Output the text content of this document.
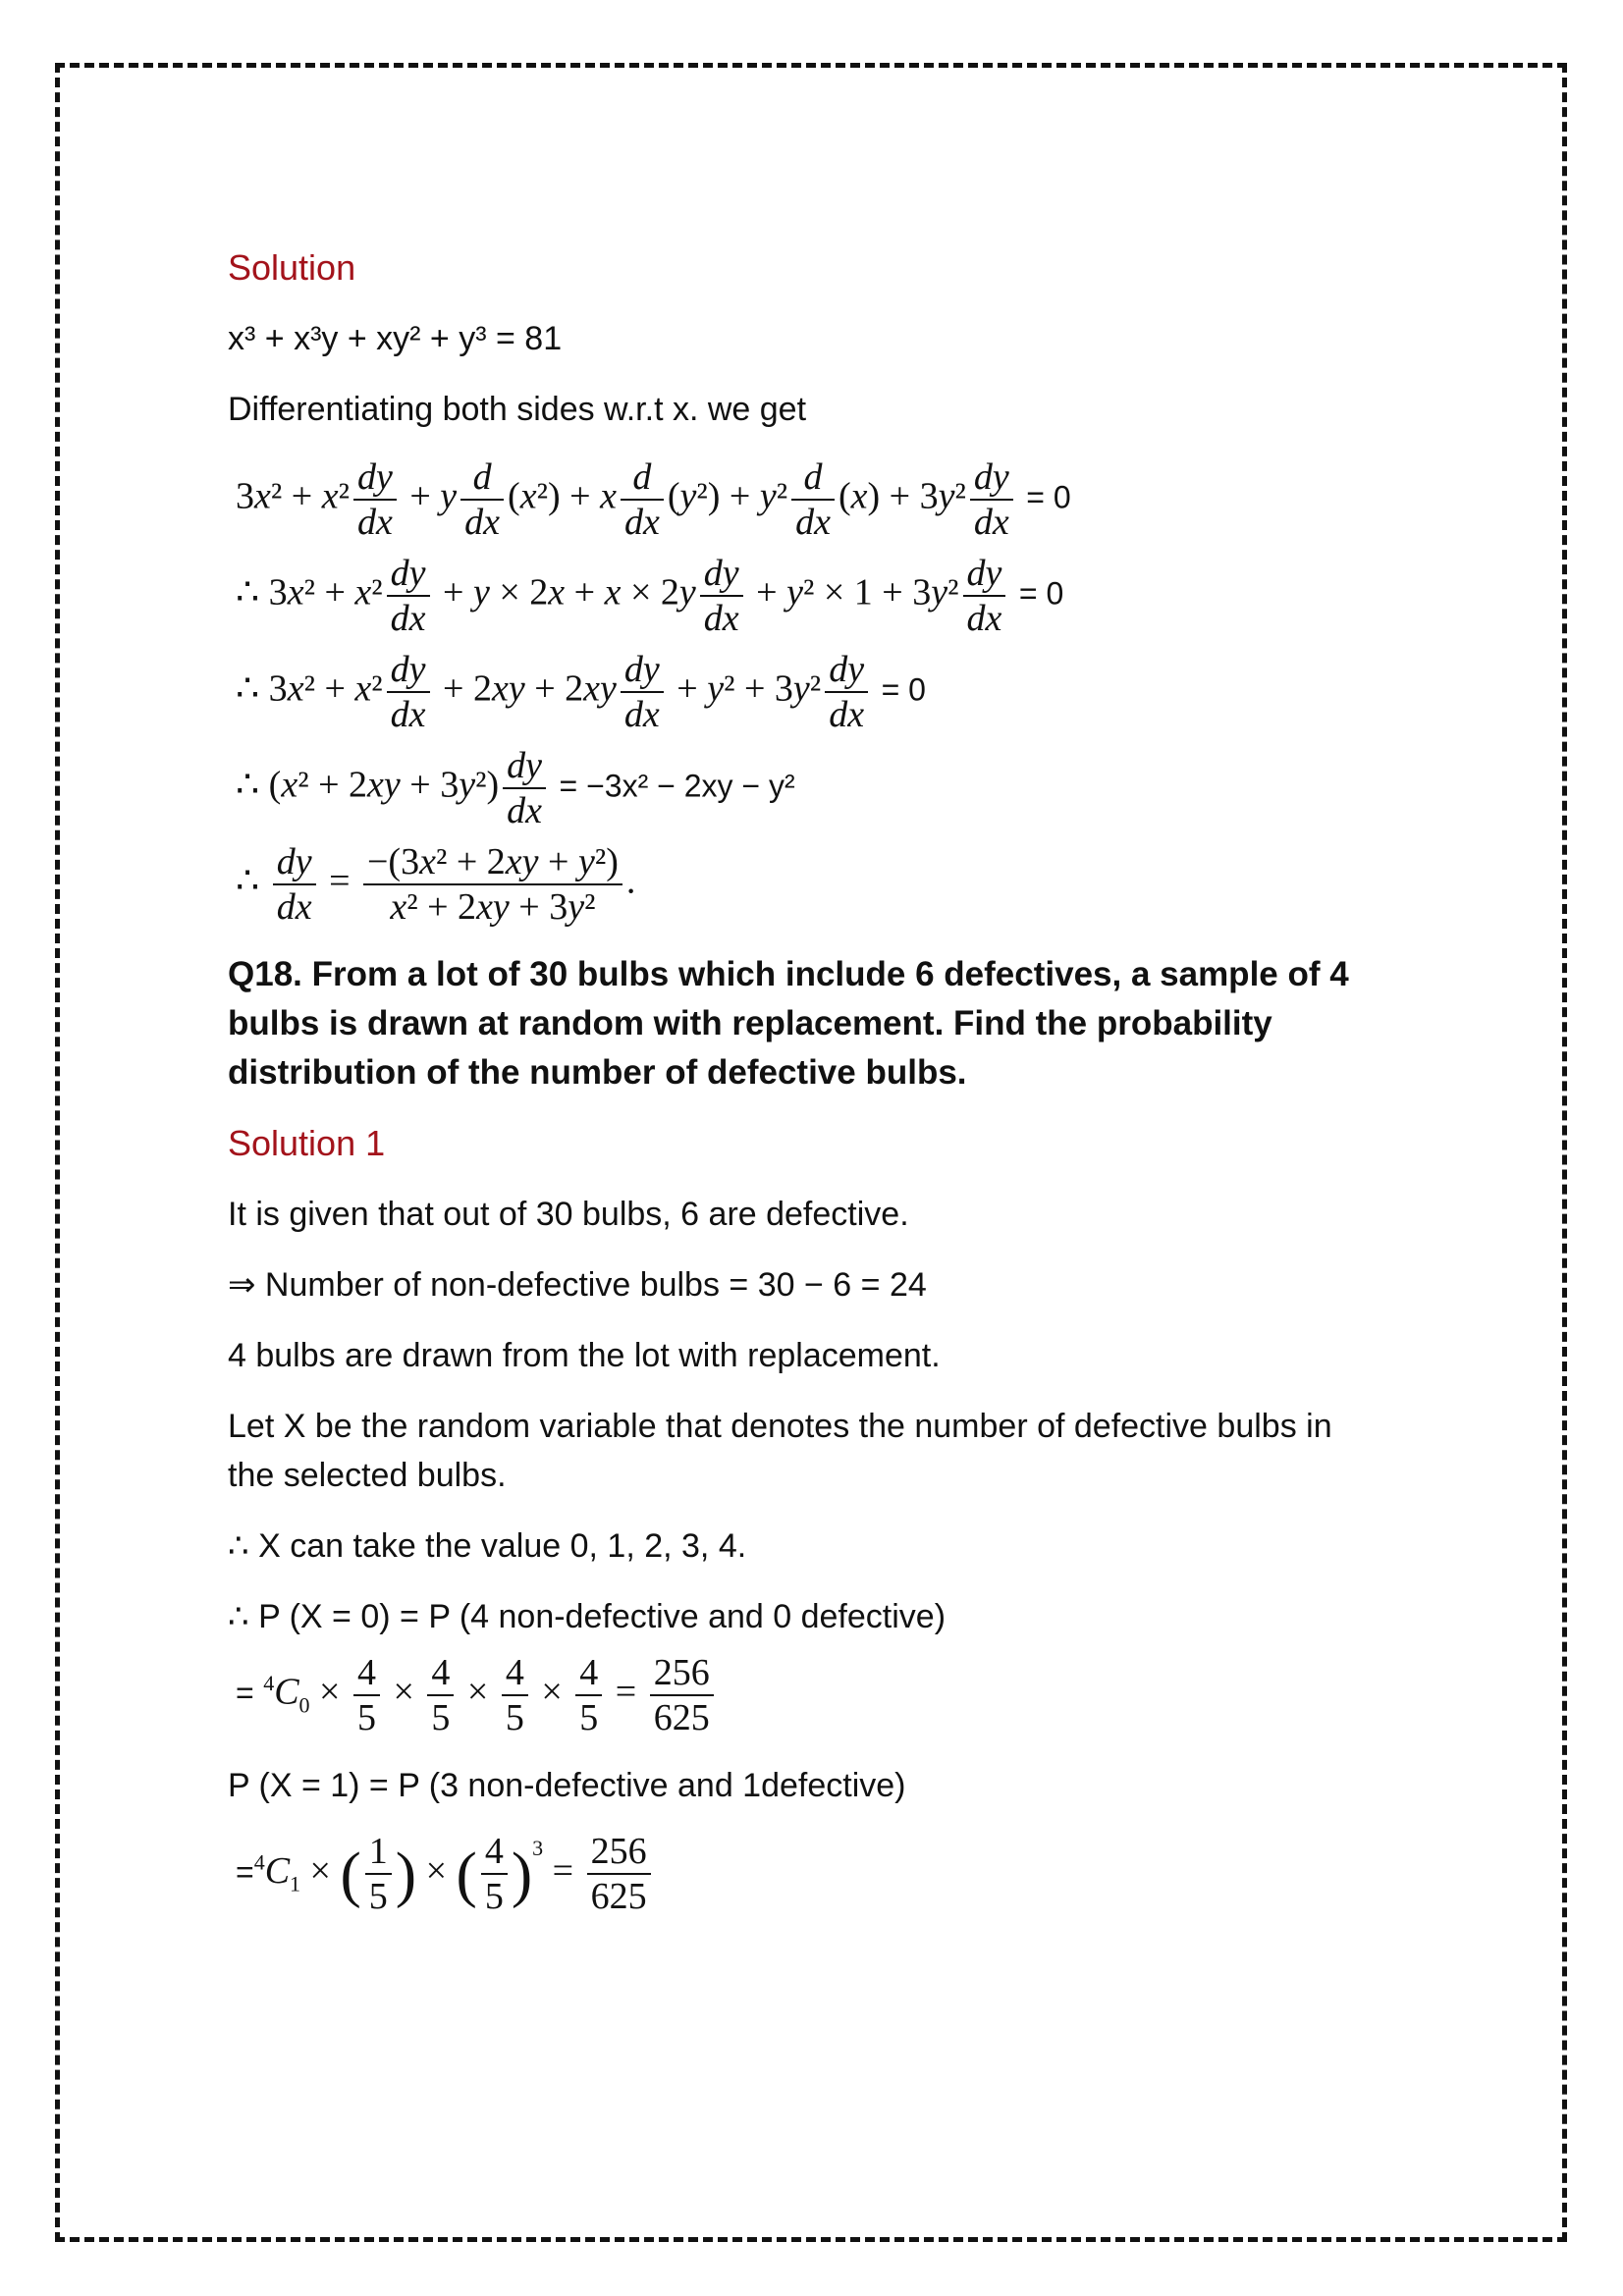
Solution

x³ + x³y + xy² + y³ = 81

Differentiating both sides w.r.t x. we get

$3x^2 + x^2 \frac{dy}{dx} + y \frac{d}{dx} (x^2) + x \frac{d}{dx} (y^2) + y^2 \frac{d}{dx} (x) + 3y^2 \frac{dy}{dx} = 0$
∴ $3x^2 + x^2 \frac{dy}{dx} + y \times 2x + x \times 2y \frac{dy}{dx} + y^2 \times 1 + 3y^2 \frac{dy}{dx} = 0$
∴ $3x^2 + x^2 \frac{dy}{dx} + 2xy + 2xy \frac{dy}{dx} + y^2 + 3y^2 \frac{dy}{dx} = 0$
∴ $(x^2 + 2xy + 3y^2) \frac{dy}{dx} = -3x^2 - 2xy - y^2$
∴ $\frac{dy}{dx} = \frac{\text{−(3x² + 2xy + y²)}}{\text{x² + 2xy + 3y²}}$ .

Q18. From a lot of 30 bulbs which include 6 defectives, a sample of 4 bulbs is drawn at random with replacement. Find the probability distribution of the number of defective bulbs.

Solution 1

It is given that out of 30 bulbs, 6 are defective.

⇒ Number of non-defective bulbs = 30 − 6 = 24

4 bulbs are drawn from the lot with replacement.

Let X be the random variable that denotes the number of defective bulbs in the selected bulbs.

∴ X can take the value 0, 1, 2, 3, 4.

∴ P (X = 0) = P (4 non-defective and 0 defective)

= $^4C_0 \times \frac{4}{5} \times \frac{4}{5} \times \frac{4}{5} \times \frac{4}{5} = \frac{256}{625}$

P (X = 1) = P (3 non-defective and 1defective)

$=^4C_1$ × ( $\frac{1}{5}$ ) × ( $\frac{4}{5} )^3 = \frac{256}{625}$
